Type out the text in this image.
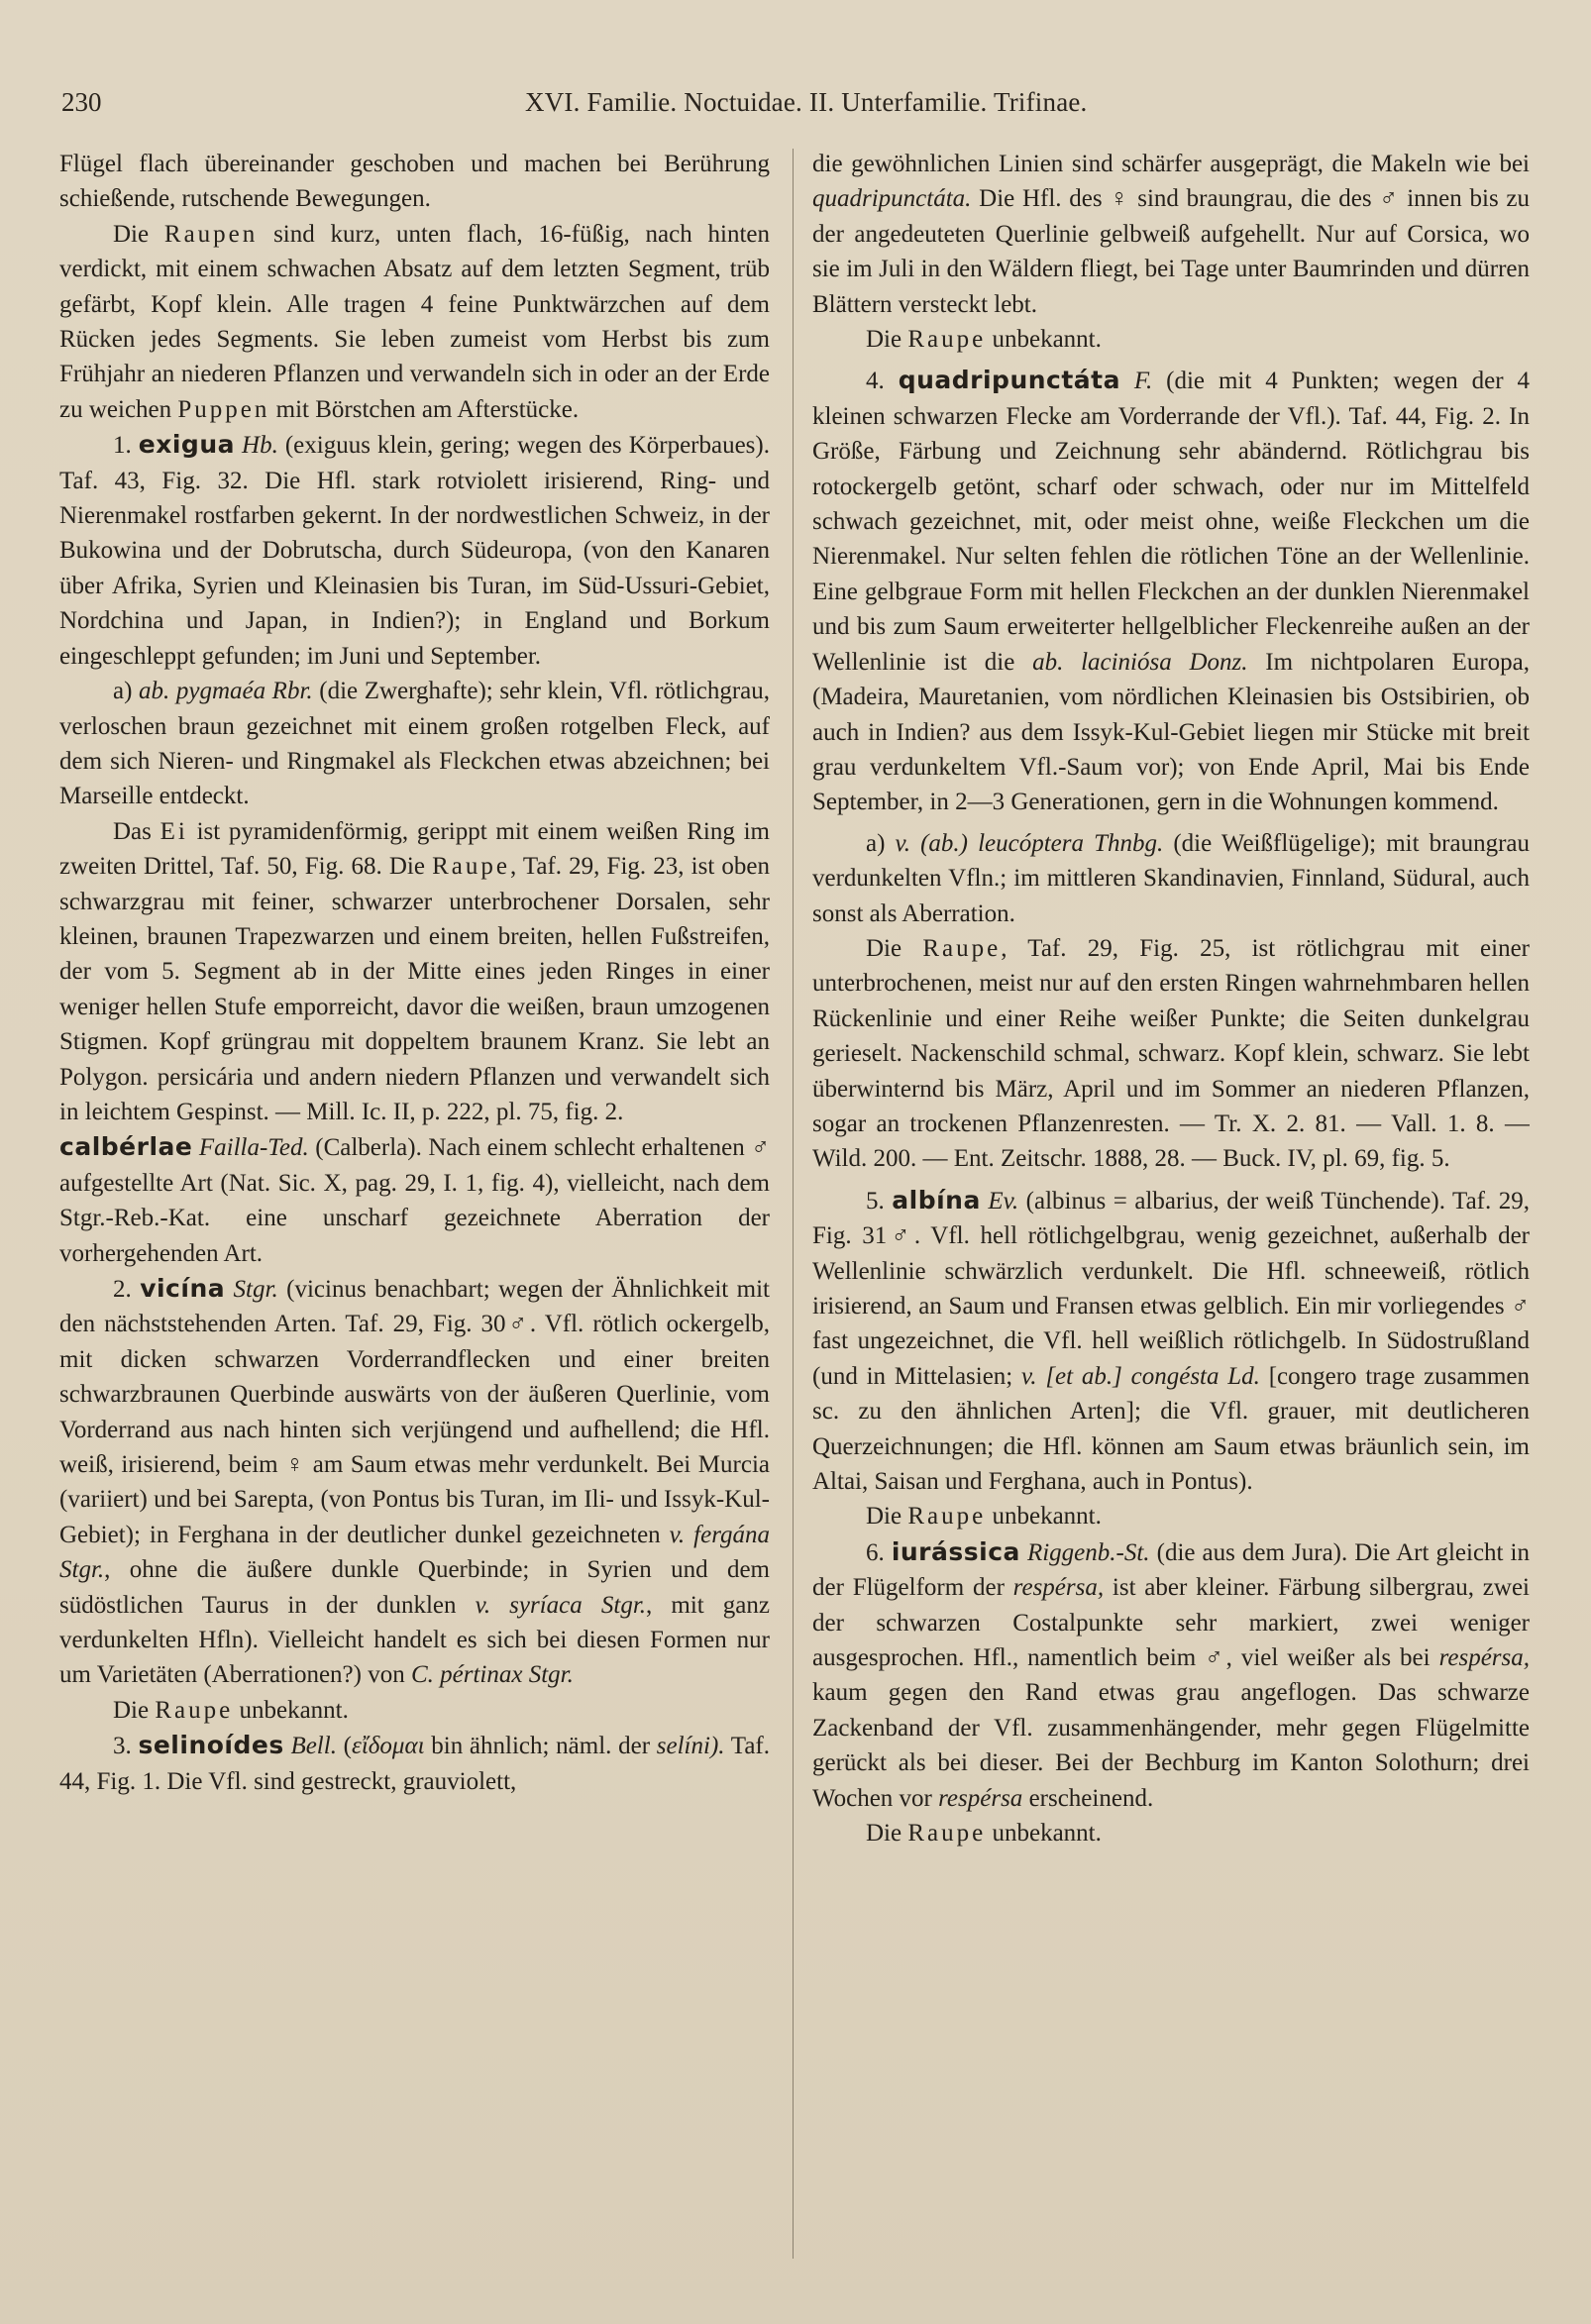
230	XVI. Familie. Noctuidae. II. Unterfamilie. Trifinae.

Flügel flach übereinander geschoben und machen bei Berührung schießende, rutschende Bewegungen.

Die Raupen sind kurz, unten flach, 16-füßig, nach hinten verdickt, mit einem schwachen Absatz auf dem letzten Segment, trüb gefärbt, Kopf klein. Alle tragen 4 feine Punktwärzchen auf dem Rücken jedes Segments. Sie leben zumeist vom Herbst bis zum Frühjahr an niederen Pflanzen und verwandeln sich in oder an der Erde zu weichen Puppen mit Börstchen am Afterstücke.

1. exigua Hb. (exiguus klein, gering; wegen des Körperbaues). Taf. 43, Fig. 32. Die Hfl. stark rotviolett irisierend, Ring- und Nierenmakel rostfarben gekernt. In der nordwestlichen Schweiz, in der Bukowina und der Dobrutscha, durch Südeuropa, (von den Kanaren über Afrika, Syrien und Kleinasien bis Turan, im Süd-Ussuri-Gebiet, Nordchina und Japan, in Indien?); in England und Borkum eingeschleppt gefunden; im Juni und September.

a) ab. pygmaéa Rbr. (die Zwerghafte); sehr klein, Vfl. rötlichgrau, verloschen braun gezeichnet mit einem großen rotgelben Fleck, auf dem sich Nieren- und Ringmakel als Fleckchen etwas abzeichnen; bei Marseille entdeckt.

Das Ei ist pyramidenförmig, gerippt mit einem weißen Ring im zweiten Drittel, Taf. 50, Fig. 68. Die Raupe, Taf. 29, Fig. 23, ist oben schwarzgrau mit feiner, schwarzer unterbrochener Dorsalen, sehr kleinen, braunen Trapezwarzen und einem breiten, hellen Fußstreifen, der vom 5. Segment ab in der Mitte eines jeden Ringes in einer weniger hellen Stufe emporreicht, davor die weißen, braun umzogenen Stigmen. Kopf grüngrau mit doppeltem braunem Kranz. Sie lebt an Polygon. persicária und andern niedern Pflanzen und verwandelt sich in leichtem Gespinst. — Mill. Ic. II, p. 222, pl. 75, fig. 2.

calbérlae Failla-Ted. (Calberla). Nach einem schlecht erhaltenen ♂ aufgestellte Art (Nat. Sic. X, pag. 29, I. 1, fig. 4), vielleicht, nach dem Stgr.-Reb.-Kat. eine unscharf gezeichnete Aberration der vorhergehenden Art.

2. vicína Stgr. (vicinus benachbart; wegen der Ähnlichkeit mit den nächststehenden Arten. Taf. 29, Fig. 30♂. Vfl. rötlich ockergelb, mit dicken schwarzen Vorderrandflecken und einer breiten schwarzbraunen Querbinde auswärts von der äußeren Querlinie, vom Vorderrand aus nach hinten sich verjüngend und aufhellend; die Hfl. weiß, irisierend, beim ♀ am Saum etwas mehr verdunkelt. Bei Murcia (variiert) und bei Sarepta, (von Pontus bis Turan, im Ili- und Issyk-Kul-Gebiet); in Ferghana in der deutlicher dunkel gezeichneten v. fergána Stgr., ohne die äußere dunkle Querbinde; in Syrien und dem südöstlichen Taurus in der dunklen v. syríaca Stgr., mit ganz verdunkelten Hfln). Vielleicht handelt es sich bei diesen Formen nur um Varietäten (Aberrationen?) von C. pértinax Stgr.

Die Raupe unbekannt.

3. selinoídes Bell. (εἴδομαι bin ähnlich; näml. der selíni). Taf. 44, Fig. 1. Die Vfl. sind gestreckt, grauviolett,

die gewöhnlichen Linien sind schärfer ausgeprägt, die Makeln wie bei quadripunctáta. Die Hfl. des ♀ sind braungrau, die des ♂ innen bis zu der angedeuteten Querlinie gelbweiß aufgehellt. Nur auf Corsica, wo sie im Juli in den Wäldern fliegt, bei Tage unter Baumrinden und dürren Blättern versteckt lebt.

Die Raupe unbekannt.

4. quadripunctáta F. (die mit 4 Punkten; wegen der 4 kleinen schwarzen Flecke am Vorderrande der Vfl.). Taf. 44, Fig. 2. In Größe, Färbung und Zeichnung sehr abändernd. Rötlichgrau bis rotockergelb getönt, scharf oder schwach, oder nur im Mittelfeld schwach gezeichnet, mit, oder meist ohne, weiße Fleckchen um die Nierenmakel. Nur selten fehlen die rötlichen Töne an der Wellenlinie. Eine gelbgraue Form mit hellen Fleckchen an der dunklen Nierenmakel und bis zum Saum erweiterter hellgelblicher Fleckenreihe außen an der Wellenlinie ist die ab. laciniósa Donz. Im nichtpolaren Europa, (Madeira, Mauretanien, vom nördlichen Kleinasien bis Ostsibirien, ob auch in Indien? aus dem Issyk-Kul-Gebiet liegen mir Stücke mit breit grau verdunkeltem Vfl.-Saum vor); von Ende April, Mai bis Ende September, in 2—3 Generationen, gern in die Wohnungen kommend.

a) v. (ab.) leucóptera Thnbg. (die Weißflügelige); mit braungrau verdunkelten Vfln.; im mittleren Skandinavien, Finnland, Südural, auch sonst als Aberration.

Die Raupe, Taf. 29, Fig. 25, ist rötlichgrau mit einer unterbrochenen, meist nur auf den ersten Ringen wahrnehmbaren hellen Rückenlinie und einer Reihe weißer Punkte; die Seiten dunkelgrau gerieselt. Nackenschild schmal, schwarz. Kopf klein, schwarz. Sie lebt überwinternd bis März, April und im Sommer an niederen Pflanzen, sogar an trockenen Pflanzenresten. — Tr. X. 2. 81. — Vall. 1. 8. — Wild. 200. — Ent. Zeitschr. 1888, 28. — Buck. IV, pl. 69, fig. 5.

5. albína Ev. (albinus = albarius, der weiß Tünchende). Taf. 29, Fig. 31♂. Vfl. hell rötlichgelbgrau, wenig gezeichnet, außerhalb der Wellenlinie schwärzlich verdunkelt. Die Hfl. schneeweiß, rötlich irisierend, an Saum und Fransen etwas gelblich. Ein mir vorliegendes ♂ fast ungezeichnet, die Vfl. hell weißlich rötlichgelb. In Südostrußland (und in Mittelasien; v. [et ab.] congésta Ld. [congero trage zusammen sc. zu den ähnlichen Arten]; die Vfl. grauer, mit deutlicheren Querzeichnungen; die Hfl. können am Saum etwas bräunlich sein, im Altai, Saisan und Ferghana, auch in Pontus).

Die Raupe unbekannt.

6. iurássica Riggenb.-St. (die aus dem Jura). Die Art gleicht in der Flügelform der respérsa, ist aber kleiner. Färbung silbergrau, zwei der schwarzen Costalpunkte sehr markiert, zwei weniger ausgesprochen. Hfl., namentlich beim ♂, viel weißer als bei respérsa, kaum gegen den Rand etwas grau angeflogen. Das schwarze Zackenband der Vfl. zusammenhängender, mehr gegen Flügelmitte gerückt als bei dieser. Bei der Bechburg im Kanton Solothurn; drei Wochen vor respérsa erscheinend.

Die Raupe unbekannt.
